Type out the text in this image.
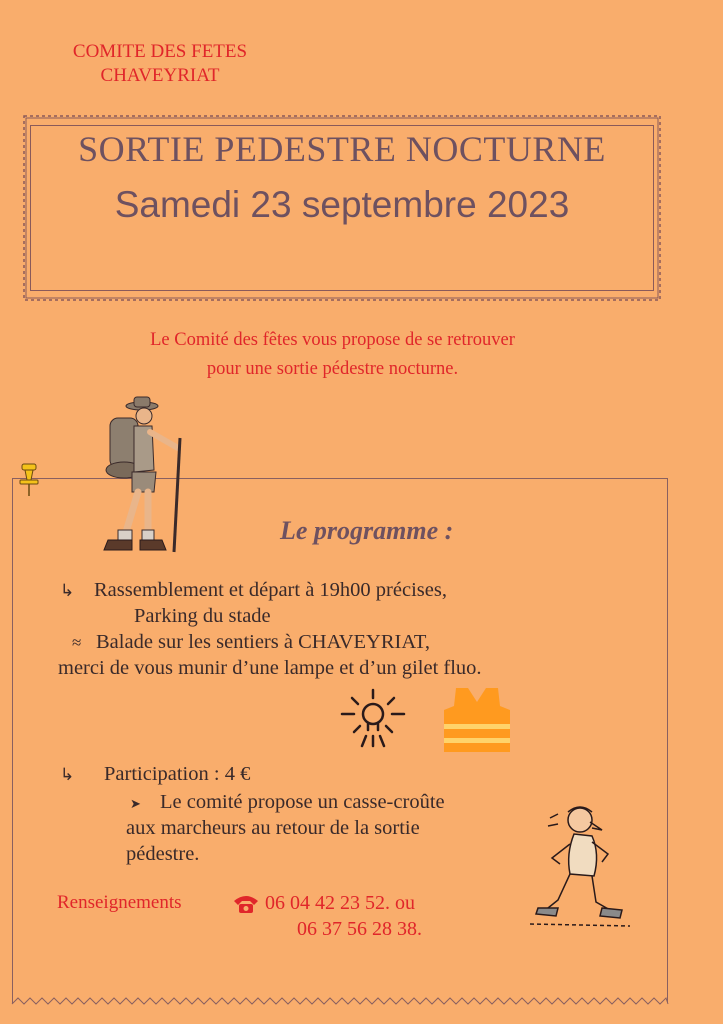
COMITE DES FETES
CHAVEYRIAT
SORTIE PEDESTRE NOCTURNE
Samedi 23 septembre 2023
Le Comité des fêtes vous propose de se retrouver
pour une sortie pédestre nocturne.
Le programme :
↳ Rassemblement et départ à 19h00 précises,
Parking du stade
≈ Balade sur les sentiers à CHAVEYRIAT,
merci de vous munir d’une lampe et d’un gilet fluo.
↳ Participation : 4 €
➤ Le comité propose un casse-croûte
aux marcheurs au retour de la sortie
pédestre.
Renseignements	06 04 42 23 52. ou
06 37 56 28 38.
